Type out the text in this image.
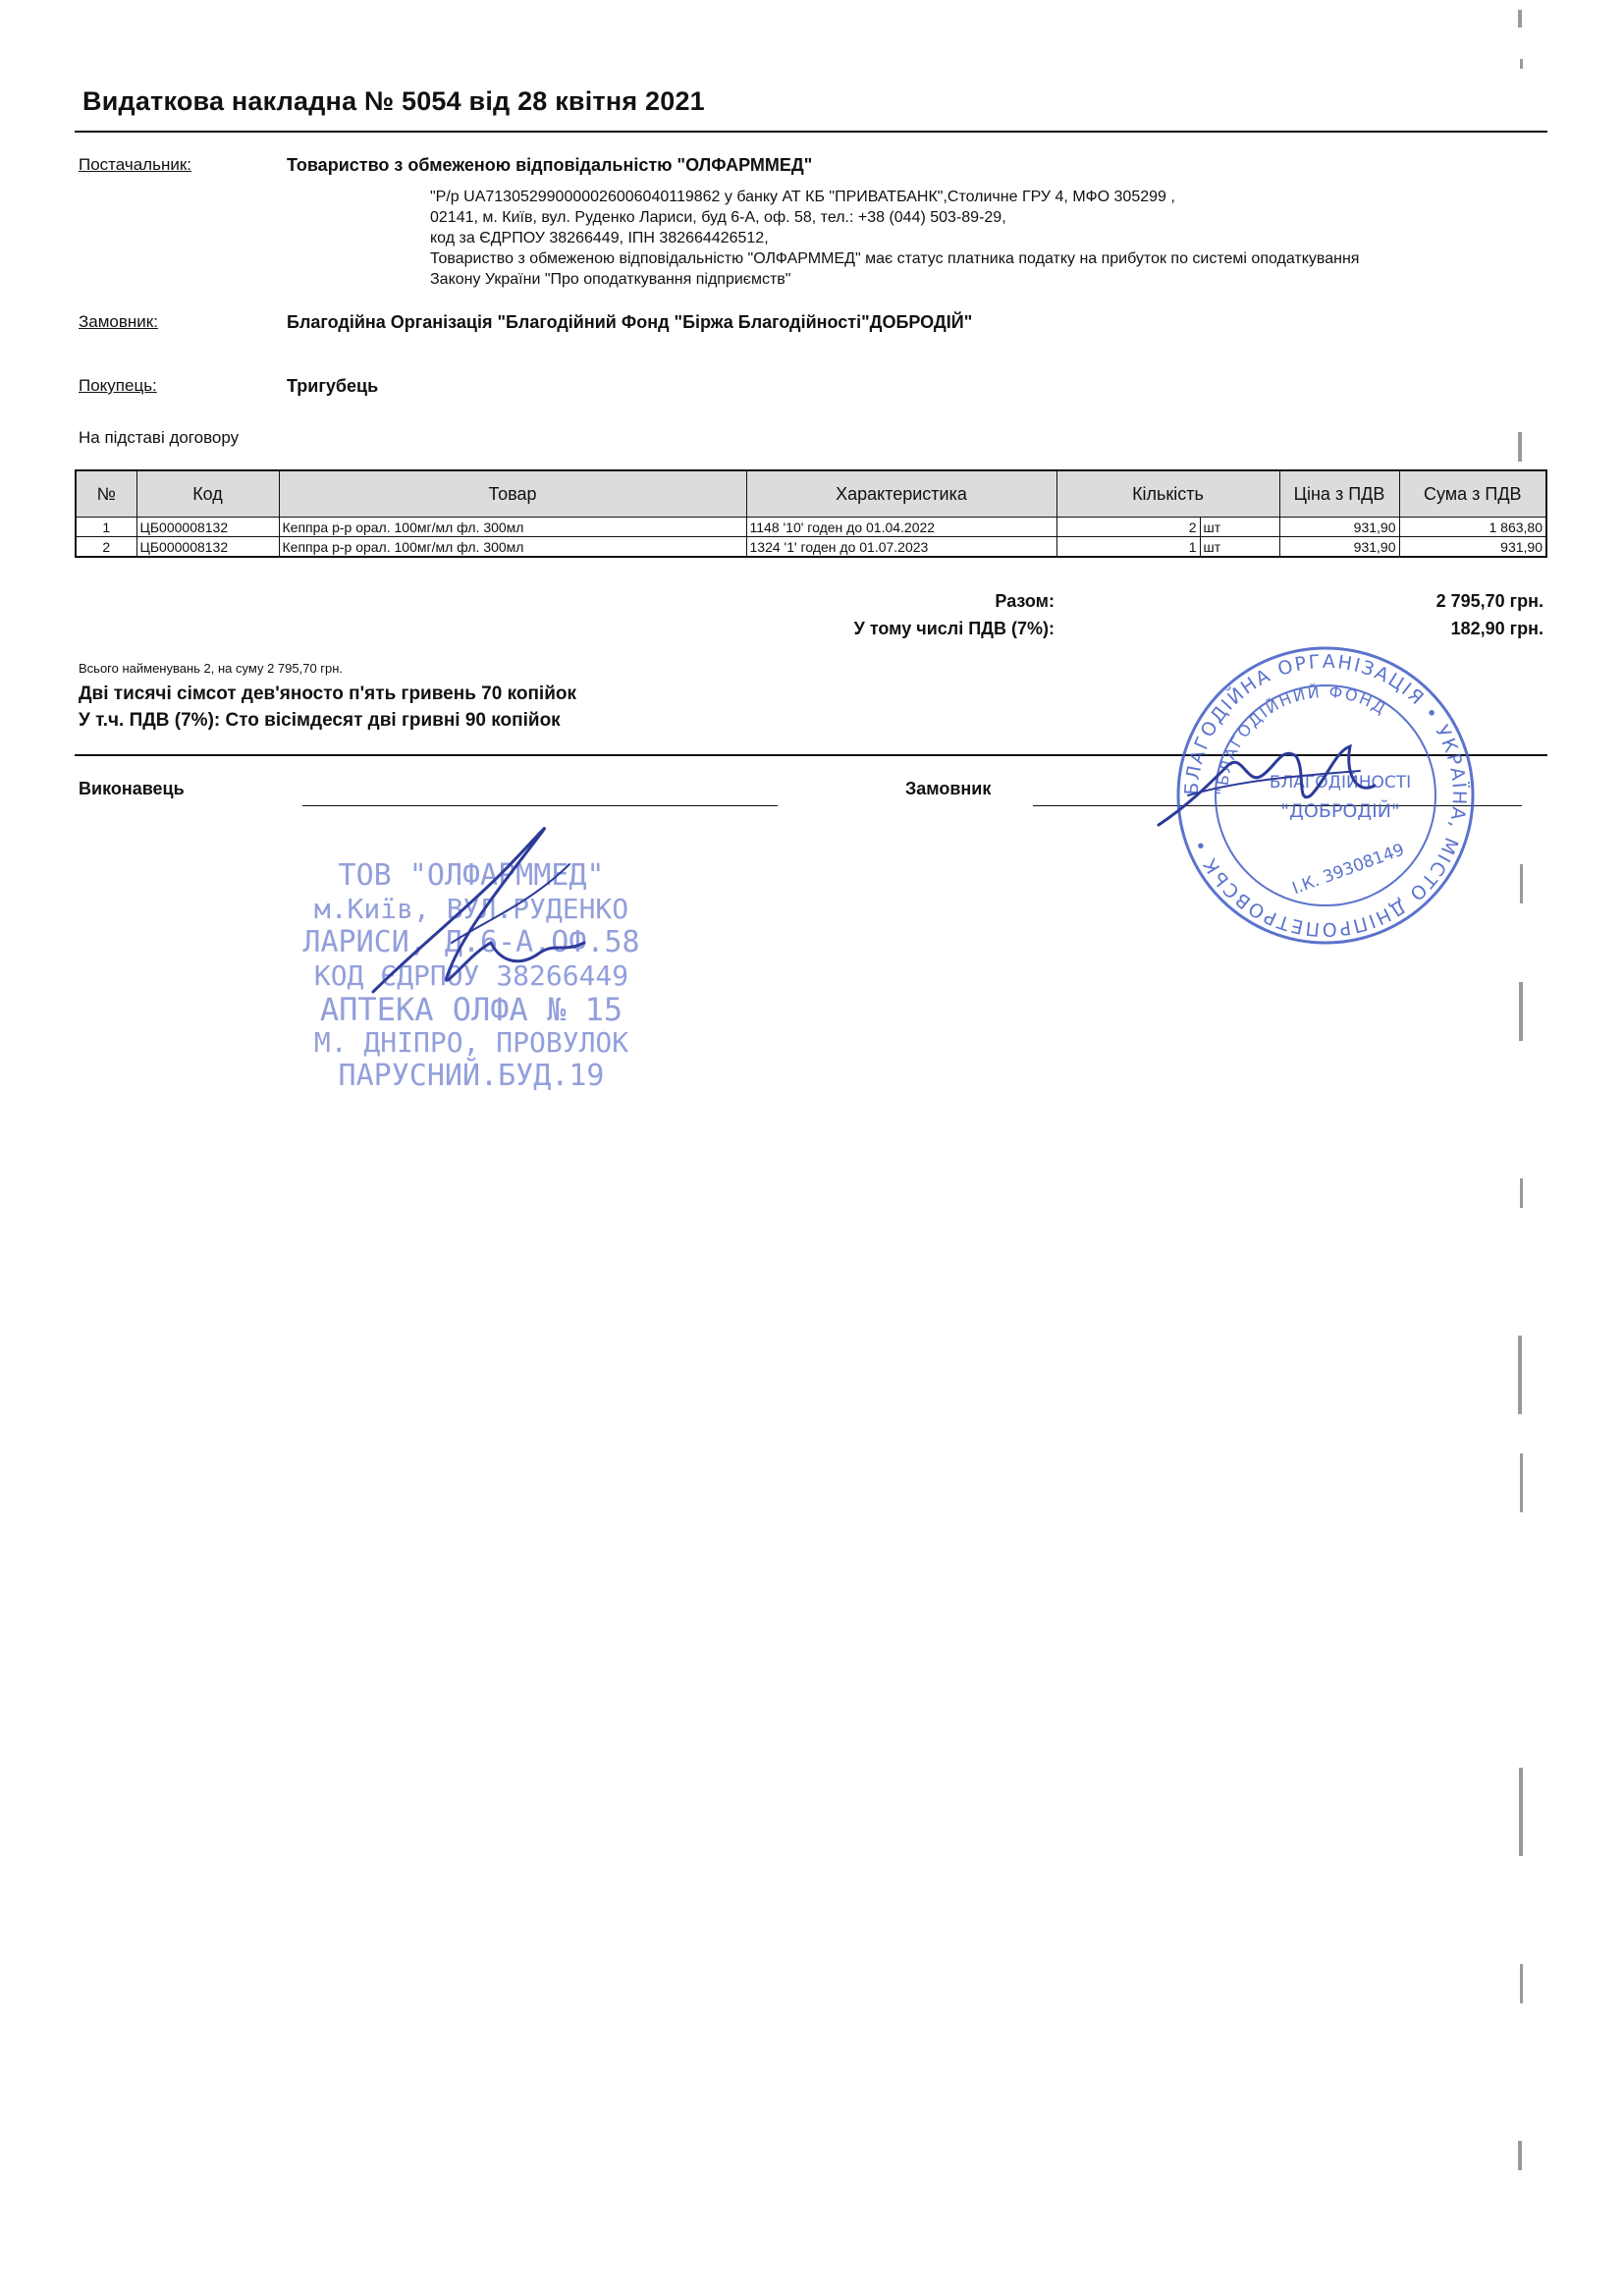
Видаткова накладна № 5054 від 28 квітня 2021
Постачальник:	Товариство з обмеженою відповідальністю "ОЛФАРММЕД"
"Р/р UA713052990000026006040119862 у банку АТ КБ "ПРИВАТБАНК",Столичне ГРУ 4, МФО 305299 ,
02141, м. Київ, вул. Руденко Лариси, буд 6-А, оф. 58, тел.: +38 (044) 503-89-29,
код за ЄДРПОУ 38266449, ІПН 382664426512,
Товариство з обмеженою відповідальністю "ОЛФАРММЕД" має статус платника податку на прибуток по системі оподаткування
Закону України "Про оподаткування підприємств"
Замовник:	Благодійна Організація "Благодійний Фонд "Біржа Благодійності"ДОБРОДІЙ"
Покупець:	Тригубець
На підставі договору
№	Код	Товар	Характеристика	Кількість		Ціна з ПДВ	Сума з ПДВ
1	ЦБ000008132	Кеппра р-р орал. 100мг/мл фл. 300мл	1148 '10' годен до 01.04.2022	2	шт	931,90	1 863,80
2	ЦБ000008132	Кеппра р-р орал. 100мг/мл фл. 300мл	1324 '1' годен до 01.07.2023	1	шт	931,90	931,90
Разом:	2 795,70 грн.
У тому числі ПДВ (7%):	182,90 грн.
Всього найменувань 2, на суму 2 795,70 грн.
Дві тисячі сімсот дев'яносто п'ять гривень 70 копійок
У т.ч. ПДВ (7%): Сто вісімдесят дві гривні 90 копійок
Виконавець	Замовник
ТОВ "ОЛФАРММЕД"
м.Київ, ВУЛ.РУДЕНКО
ЛАРИСИ, Д.6-А.ОФ.58
КОД ЄДРПОУ 38266449
АПТЕКА ОЛФА № 15
М. ДНІПРО, ПРОВУЛОК
ПАРУСНИЙ.БУД.19
БЛАГОДІЙНА ОРГАНІЗАЦІЯ • УКРАЇНА, МІСТО ДНІПРОПЕТРОВСЬК •
"БЛАГОДІЙНИЙ ФОНД
БЛАГОДІЙНОСТІ
"ДОБРОДІЙ"
І.К. 39308149
